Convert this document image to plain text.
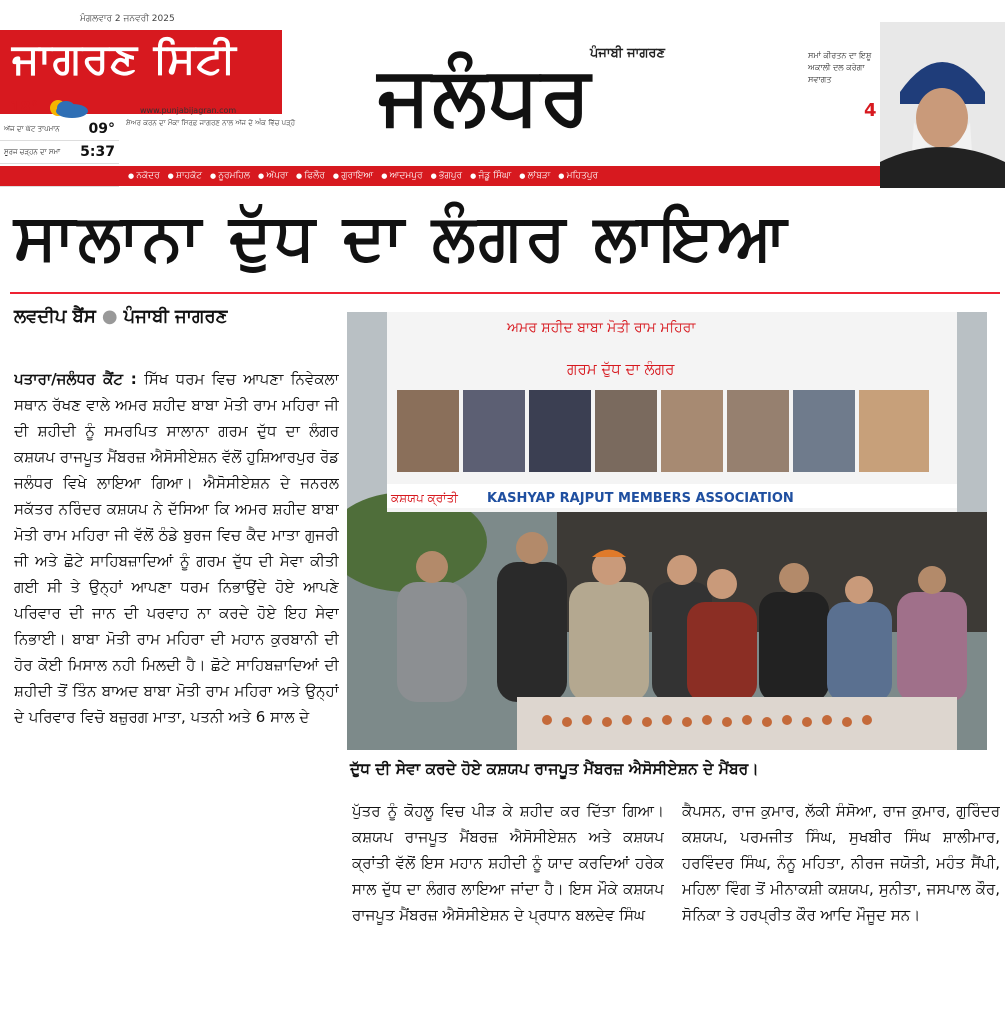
ਮੰਗਲਵਾਰ 2 ਜਨਵਰੀ 2025
ਜਾਗਰਣ ਸਿਟੀ
18°	www.punjabijagran.com
ਅੱਜ ਦਾ ਘੱਟ ਤਾਪਮਾਨ 09°
ਸੂਰਜ ਚੜ੍ਹਨ ਦਾ ਸਮਾਂ 5:37
ਸ਼ੇਅਰ ਕਰਨ ਦਾ ਮੌਕਾ ਸਿਰਫ਼ ਜਾਗਰਣ ਨਾਲ ਅੱਜ ਦੇ ਅੰਕ ਵਿੱਚ ਪੜ੍ਹੋ
ਪੰਜਾਬੀ ਜਾਗਰਣ
ਜਲੰਧਰ	ਸਮਾਂ ਕੀਰਤਨ ਦਾ ਇਸ਼ੂ ਅਕਾਲੀ ਦਲ ਕਰੇਗਾ ਸਵਾਗਤ
4
● ਨਕੋਦਰ	● ਸ਼ਾਹਕੋਟ	● ਨੂਰਮਹਿਲ	● ਅੱਪਰਾ	● ਫਿਲੌਰ	● ਗੁਰਾਇਆ	● ਆਦਮਪੁਰ	● ਭੋਗਪੁਰ	● ਜੰਡੂ ਸਿੰਘਾ	● ਲਾਂਬੜਾ	● ਮਹਿਤਪੁਰ
ਸਾਲਾਨਾ ਦੁੱਧ ਦਾ ਲੰਗਰ ਲਾਇਆ
ਲਵਦੀਪ ਬੈਂਸ ● ਪੰਜਾਬੀ ਜਾਗਰਣ
ਅਮਰ ਸ਼ਹੀਦ ਬਾਬਾ ਮੋਤੀ ਰਾਮ ਮਹਿਰਾ
ਗਰਮ ਦੁੱਧ ਦਾ ਲੰਗਰ
ਕਸ਼ਯਪ ਕ੍ਰਾਂਤੀ KASHYAP RAJPUT MEMBERS ASSOCIATION
ਦੁੱਧ ਦੀ ਸੇਵਾ ਕਰਦੇ ਹੋਏ ਕਸ਼ਯਪ ਰਾਜਪੂਤ ਮੈਂਬਰਜ਼ ਐਸੋਸੀਏਸ਼ਨ ਦੇ ਮੈਂਬਰ।
ਪਤਾਰਾ/ਜਲੰਧਰ ਕੈਂਟ : ਸਿੱਖ ਧਰਮ ਵਿਚ ਆਪਣਾ ਨਿਵੇਕਲਾ ਸਥਾਨ ਰੱਖਣ ਵਾਲੇ ਅਮਰ ਸ਼ਹੀਦ ਬਾਬਾ ਮੋਤੀ ਰਾਮ ਮਹਿਰਾ ਜੀ ਦੀ ਸ਼ਹੀਦੀ ਨੂੰ ਸਮਰਪਿਤ ਸਾਲਾਨਾ ਗਰਮ ਦੁੱਧ ਦਾ ਲੰਗਰ ਕਸ਼ਯਪ ਰਾਜਪੂਤ ਮੈਂਬਰਜ਼ ਐਸੋਸੀਏਸ਼ਨ ਵੱਲੋਂ ਹੁਸ਼ਿਆਰਪੁਰ ਰੋਡ ਜਲੰਧਰ ਵਿਖੇ ਲਾਇਆ ਗਿਆ। ਐਸੋਸੀਏਸ਼ਨ ਦੇ ਜਨਰਲ ਸਕੱਤਰ ਨਰਿੰਦਰ ਕਸ਼ਯਪ ਨੇ ਦੱਸਿਆ ਕਿ ਅਮਰ ਸ਼ਹੀਦ ਬਾਬਾ ਮੋਤੀ ਰਾਮ ਮਹਿਰਾ ਜੀ ਵੱਲੋਂ ਠੰਡੇ ਬੁਰਜ ਵਿਚ ਕੈਦ ਮਾਤਾ ਗੁਜਰੀ ਜੀ ਅਤੇ ਛੋਟੇ ਸਾਹਿਬਜ਼ਾਦਿਆਂ ਨੂੰ ਗਰਮ ਦੁੱਧ ਦੀ ਸੇਵਾ ਕੀਤੀ ਗਈ ਸੀ ਤੇ ਉਨ੍ਹਾਂ ਆਪਣਾ ਧਰਮ ਨਿਭਾਉਂਦੇ ਹੋਏ ਆਪਣੇ ਪਰਿਵਾਰ ਦੀ ਜਾਨ ਦੀ ਪਰਵਾਹ ਨਾ ਕਰਦੇ ਹੋਏ ਇਹ ਸੇਵਾ ਨਿਭਾਈ। ਬਾਬਾ ਮੋਤੀ ਰਾਮ ਮਹਿਰਾ ਦੀ ਮਹਾਨ ਕੁਰਬਾਨੀ ਦੀ ਹੋਰ ਕੋਈ ਮਿਸਾਲ ਨਹੀ ਮਿਲਦੀ ਹੈ। ਛੋਟੇ ਸਾਹਿਬਜ਼ਾਦਿਆਂ ਦੀ ਸ਼ਹੀਦੀ ਤੋਂ ਤਿੰਨ ਬਾਅਦ ਬਾਬਾ ਮੋਤੀ ਰਾਮ ਮਹਿਰਾ ਅਤੇ ਉਨ੍ਹਾਂ ਦੇ ਪਰਿਵਾਰ ਵਿਚੋ ਬਜ਼ੁਰਗ ਮਾਤਾ, ਪਤਨੀ ਅਤੇ 6 ਸਾਲ ਦੇ
ਪੁੱਤਰ ਨੂੰ ਕੋਹਲੂ ਵਿਚ ਪੀੜ ਕੇ ਸ਼ਹੀਦ ਕਰ ਦਿੱਤਾ ਗਿਆ। ਕਸ਼ਯਪ ਰਾਜਪੂਤ ਮੈਂਬਰਜ਼ ਐਸੋਸੀਏਸ਼ਨ ਅਤੇ ਕਸ਼ਯਪ ਕ੍ਰਾਂਤੀ ਵੱਲੋਂ ਇਸ ਮਹਾਨ ਸ਼ਹੀਦੀ ਨੂੰ ਯਾਦ ਕਰਦਿਆਂ ਹਰੇਕ ਸਾਲ ਦੁੱਧ ਦਾ ਲੰਗਰ ਲਾਇਆ ਜਾਂਦਾ ਹੈ। ਇਸ ਮੌਕੇ ਕਸ਼ਯਪ ਰਾਜਪੂਤ ਮੈਂਬਰਜ਼ ਐਸੋਸੀਏਸ਼ਨ ਦੇ ਪ੍ਰਧਾਨ ਬਲਦੇਵ ਸਿੰਘ
ਕੈਪਸਨ, ਰਾਜ ਕੁਮਾਰ, ਲੱਕੀ ਸੰਸੋਆ, ਰਾਜ ਕੁਮਾਰ, ਗੁਰਿੰਦਰ ਕਸ਼ਯਪ, ਪਰਮਜੀਤ ਸਿੰਘ, ਸੁਖਬੀਰ ਸਿੰਘ ਸ਼ਾਲੀਮਾਰ, ਹਰਵਿੰਦਰ ਸਿੰਘ, ਨੰਨੂ ਮਹਿਤਾ, ਨੀਰਜ ਜਯੋਤੀ, ਮਹੰਤ ਸੈਂਪੀ, ਮਹਿਲਾ ਵਿੰਗ ਤੋਂ ਮੀਨਾਕਸ਼ੀ ਕਸ਼ਯਪ, ਸੁਨੀਤਾ, ਜਸਪਾਲ ਕੌਰ, ਸੋਨਿਕਾ ਤੇ ਹਰਪ੍ਰੀਤ ਕੌਰ ਆਦਿ ਮੌਜੂਦ ਸਨ।
